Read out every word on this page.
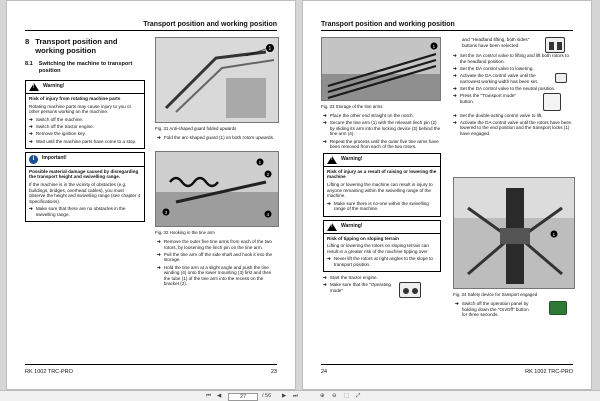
Transport position and working position
8 Transport position and working position
8.1 Switching the machine to transport position
!
Warning!
Risk of injury from rotating machine parts
Rotating machine parts may cause injury to you or other persons working on the machine.
➔ Switch off the machine.
➔ Switch off the tractor engine.
➔ Remove the ignition key.
➔ Wait until the machine parts have come to a stop.
i	Important!
Possible material damage caused by disregarding the transport height and swivelling range.
If the machine is in the vicinity of obstacles (e.g. buildings, bridges, overhead cables), you must observe the height and swivelling range (see chapter 4 Specifications).
➔ Make sure that there are no obstacles in the swivelling range.
1
Fig. 31 Anti-shaped guard folded upwards
➔ Fold the arc-shaped guard (1) on both rotors upwards.
1
2
3	4
Fig. 32 Hooking in the tine arm
➔ Remove the outer five tine arms from each of the two rotors, by loosening the linch pin on the tine arm.
➔ Pull the tine arm off the side shaft and hook it into the storage.
➔ Hold the tine arm at a slight angle and push the tine winding (4) onto the lower mounting (3) first and then the tube (1) of the tine arm into the recess on the bracket (2).
RK 1002 TRC-PRO	23
Transport position and working position
1
Fig. 33 Storage of the tine arms
➔ Place the other end straight on the notch.
➔ Secure the tine arm (1) with the relevant linch pin (2) by sliding its arm into the locking device (2) behind the tine arm (4).
➔ Repeat the process until the outer five tine arms have been removed from each of the two rotors.
!
Warning!
Risk of injury as a result of raising or lowering the machine
Lifting or lowering the machine can result in injury to anyone remaining within the swivelling range of the machine.
➔ Make sure there is no-one within the swivelling range of the machine.
!
Warning!
Risk of tipping on sloping terrain
Lifting or lowering the rotors on sloping terrain can result in a greater risk of the machine tipping over
➔ Never lift the rotors at right angles to the slope to transport position.
➔ Start the tractor engine.
➔ Make sure that the "Operating mode"
and "Headland lifting, both sides" buttons have been selected.
➔ Set the SA control valve to lifting and lift both rotors to the headland position.
➔ Set the DA control valve to lowering.
➔ Activate the DA control valve until the narrowest working width has been set.
➔ Set the DA control valve to the neutral position.
➔ Press the "Transport mode" button.
➔ Set the double-acting control valve to lift.
➔ Activate the DA control valve until the rotors have been lowered to the end position and the transport locks (1) have engaged.
1
Fig. 34 Safety device for transport engaged
➔ Switch off the operation panel by holding down the "On/Off" button for three seconds.
24	RK 1002 TRC-PRO
⏮ ◀	27	/ 56 ▶ ⏭	⊕ ⊖ ⬚ ⤢
